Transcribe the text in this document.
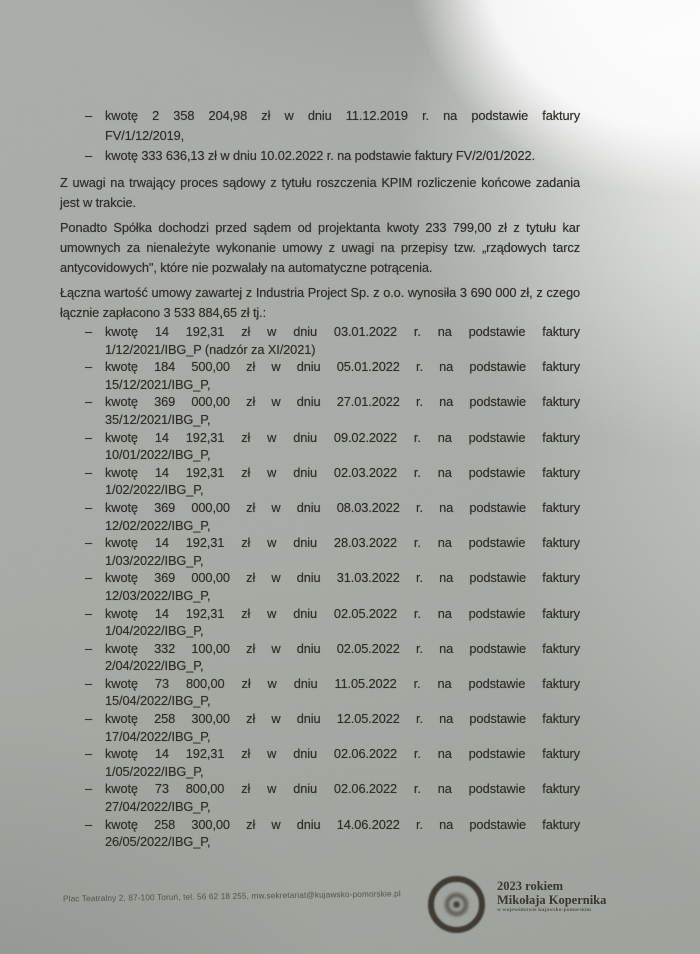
–	kwotę 2 358 204,98 zł w dniu 11.12.2019 r. na podstawie faktury
FV/1/12/2019,
–	kwotę 333 636,13 zł w dniu 10.02.2022 r. na podstawie faktury FV/2/01/2022.

Z uwagi na trwający proces sądowy z tytułu roszczenia KPIM rozliczenie końcowe zadania jest w trakcie.

Ponadto Spółka dochodzi przed sądem od projektanta kwoty 233 799,00 zł z tytułu kar umownych za nienależyte wykonanie umowy z uwagi na przepisy tzw. „rządowych tarcz antycovidowych", które nie pozwalały na automatyczne potrącenia.

Łączna wartość umowy zawartej z Industria Project Sp. z o.o. wynosiła 3 690 000 zł, z czego łącznie zapłacono 3 533 884,65 zł tj.:

–	kwotę 14 192,31 zł w dniu 03.01.2022 r. na podstawie faktury
1/12/2021/IBG_P (nadzór za XI/2021)
–	kwotę 184 500,00 zł w dniu 05.01.2022 r. na podstawie faktury
15/12/2021/IBG_P,
–	kwotę 369 000,00 zł w dniu 27.01.2022 r. na podstawie faktury
35/12/2021/IBG_P,
–	kwotę 14 192,31 zł w dniu 09.02.2022 r. na podstawie faktury
10/01/2022/IBG_P,
–	kwotę 14 192,31 zł w dniu 02.03.2022 r. na podstawie faktury
1/02/2022/IBG_P,
–	kwotę 369 000,00 zł w dniu 08.03.2022 r. na podstawie faktury
12/02/2022/IBG_P,
–	kwotę 14 192,31 zł w dniu 28.03.2022 r. na podstawie faktury
1/03/2022/IBG_P,
–	kwotę 369 000,00 zł w dniu 31.03.2022 r. na podstawie faktury
12/03/2022/IBG_P,
–	kwotę 14 192,31 zł w dniu 02.05.2022 r. na podstawie faktury
1/04/2022/IBG_P,
–	kwotę 332 100,00 zł w dniu 02.05.2022 r. na podstawie faktury
2/04/2022/IBG_P,
–	kwotę 73 800,00 zł w dniu 11.05.2022 r. na podstawie faktury
15/04/2022/IBG_P,
–	kwotę 258 300,00 zł w dniu 12.05.2022 r. na podstawie faktury
17/04/2022/IBG_P,
–	kwotę 14 192,31 zł w dniu 02.06.2022 r. na podstawie faktury
1/05/2022/IBG_P,
–	kwotę 73 800,00 zł w dniu 02.06.2022 r. na podstawie faktury
27/04/2022/IBG_P,
–	kwotę 258 300,00 zł w dniu 14.06.2022 r. na podstawie faktury
26/05/2022/IBG_P,
Plac Teatralny 2, 87-100 Toruń, tel. 56 62 18 255, mw.sekretariat@kujawsko-pomorskie.pl
2023 rokiem
Mikołaja Kopernika
w województwie kujawsko-pomorskim
